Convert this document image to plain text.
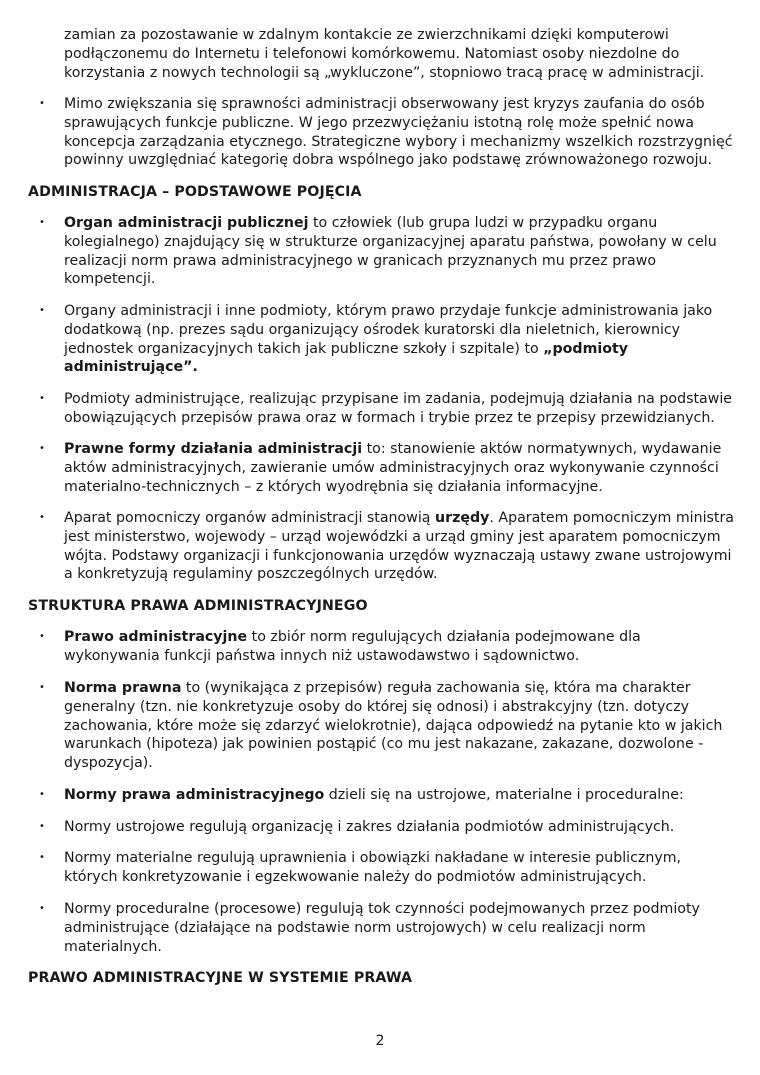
zamian za pozostawanie w zdalnym kontakcie ze zwierzchnikami dzięki komputerowi podłączonemu do Internetu i telefonowi komórkowemu. Natomiast osoby niezdolne do korzystania z nowych technologii są „wykluczone”, stopniowo tracą pracę w administracji.

• Mimo zwiększania się sprawności administracji obserwowany jest kryzys zaufania do osób sprawujących funkcje publiczne. W jego przezwyciężaniu istotną rolę może spełnić nowa koncepcja zarządzania etycznego. Strategiczne wybory i mechanizmy wszelkich rozstrzygnięć powinny uwzględniać kategorię dobra wspólnego jako podstawę zrównoważonego rozwoju.

ADMINISTRACJA – PODSTAWOWE POJĘCIA
• Organ administracji publicznej to człowiek (lub grupa ludzi w przypadku organu kolegialnego) znajdujący się w strukturze organizacyjnej aparatu państwa, powołany w celu realizacji norm prawa administracyjnego w granicach przyznanych mu przez prawo kompetencji.

• Organy administracji i inne podmioty, którym prawo przydaje funkcje administrowania jako dodatkową (np. prezes sądu organizujący ośrodek kuratorski dla nieletnich, kierownicy jednostek organizacyjnych takich jak publiczne szkoły i szpitale) to „podmioty administrujące”.

• Podmioty administrujące, realizując przypisane im zadania, podejmują działania na podstawie obowiązujących przepisów prawa oraz w formach i trybie przez te przepisy przewidzianych.

• Prawne formy działania administracji to: stanowienie aktów normatywnych, wydawanie aktów administracyjnych, zawieranie umów administracyjnych oraz wykonywanie czynności materialno-technicznych – z których wyodrębnia się działania informacyjne.

• Aparat pomocniczy organów administracji stanowią urzędy. Aparatem pomocniczym ministra jest ministerstwo, wojewody – urząd wojewódzki a urząd gminy jest aparatem pomocniczym wójta. Podstawy organizacji i funkcjonowania urzędów wyznaczają ustawy zwane ustrojowymi a konkretyzują regulaminy poszczególnych urzędów.

STRUKTURA PRAWA ADMINISTRACYJNEGO
• Prawo administracyjne to zbiór norm regulujących działania podejmowane dla wykonywania funkcji państwa innych niż ustawodawstwo i sądownictwo.

• Norma prawna to (wynikająca z przepisów) reguła zachowania się, która ma charakter generalny (tzn. nie konkretyzuje osoby do której się odnosi) i abstrakcyjny (tzn. dotyczy zachowania, które może się zdarzyć wielokrotnie), dająca odpowiedź na pytanie kto w jakich warunkach (hipoteza) jak powinien postąpić (co mu jest nakazane, zakazane, dozwolone - dyspozycja).

• Normy prawa administracyjnego dzieli się na ustrojowe, materialne i proceduralne:

• Normy ustrojowe regulują organizację i zakres działania podmiotów administrujących.

• Normy materialne regulują uprawnienia i obowiązki nakładane w interesie publicznym, których konkretyzowanie i egzekwowanie należy do podmiotów administrujących.

• Normy proceduralne (procesowe) regulują tok czynności podejmowanych przez podmioty administrujące (działające na podstawie norm ustrojowych) w celu realizacji norm materialnych.

PRAWO ADMINISTRACYJNE W SYSTEMIE PRAWA
2
